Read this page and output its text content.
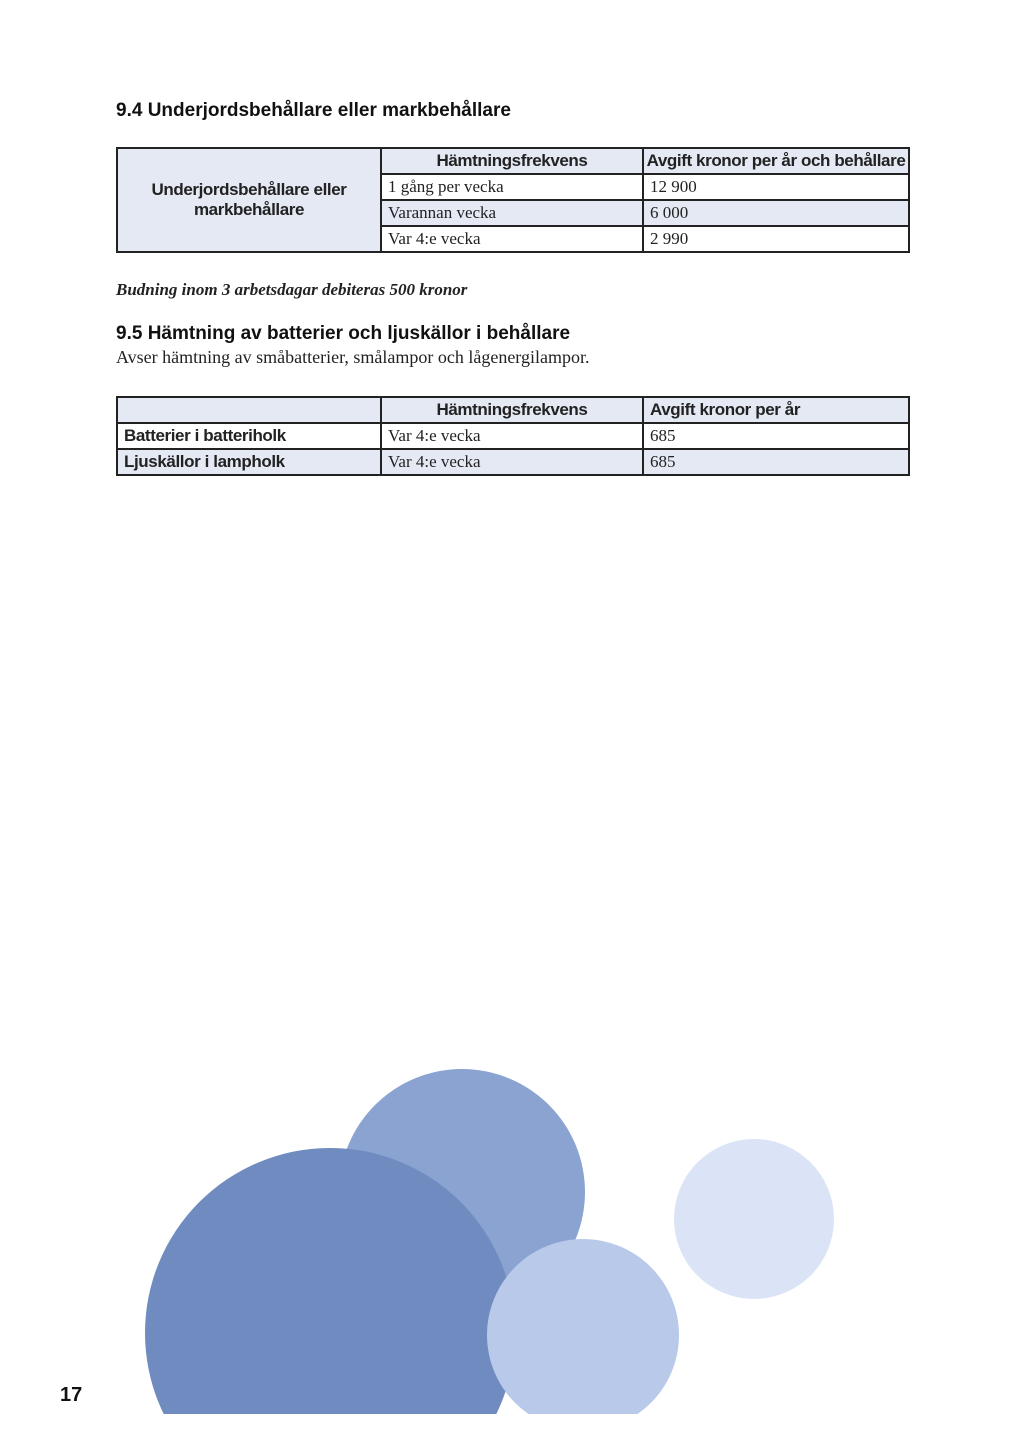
9.4 Underjordsbehållare eller markbehållare
Underjordsbehållare eller markbehållare	Hämtningsfrekvens	Avgift kronor per år och behållare
	1 gång per vecka	12 900
	Varannan vecka	6 000
	Var 4:e vecka	2 990
Budning inom 3 arbetsdagar debiteras 500 kronor
9.5 Hämtning av batterier och ljuskällor i behållare
Avser hämtning av småbatterier, smålampor och lågenergilampor.
	Hämtningsfrekvens	Avgift kronor per år
Batterier i batteriholk	Var 4:e vecka	685
Ljuskällor i lampholk	Var 4:e vecka	685
17
